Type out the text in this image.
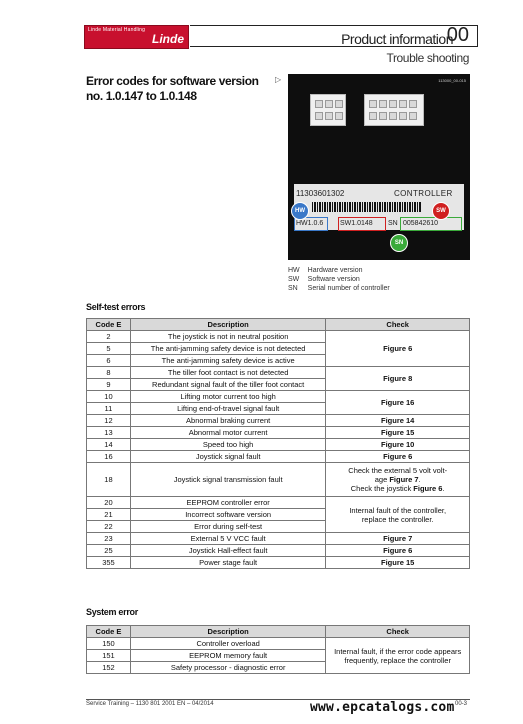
Linde Material Handling
Linde	Product information
00
Trouble shooting
Error codes for software version
no. 1.0.147 to 1.0.148
▷	113000_00-015
11303601302	CONTROLLER
HW1.0.6 SW1.0148 SN 005842610
HW	SW
SN
HW	Hardware version
SW	Software version
SN	Serial number of controller
Self-test errors
Code E	Description	Check
2	The joystick is not in neutral position	Figure 6
5	The anti-jamming safety device is not detected	
6	The anti-jamming safety device is active	
8	The tiller foot contact is not detected	Figure 8
9	Redundant signal fault of the tiller foot contact	
10	Lifting motor current too high	Figure 16
11	Lifting end-of-travel signal fault	
12	Abnormal braking current	Figure 14
13	Abnormal motor current	Figure 15
14	Speed too high	Figure 10
16	Joystick signal fault	Figure 6
18	Joystick signal transmission fault	Check the external 5 volt volt-
age Figure 7.
Check the joystick Figure 6.

20	EEPROM controller error	Internal fault of the controller,
replace the controller.

21	Incorrect software version	
22	Error during self-test	
23	External 5 V VCC fault	Figure 7
25	Joystick Hall-effect fault	Figure 6
355	Power stage fault	Figure 15
System error
Code E	Description	Check
150	Controller overload	Internal fault, if the error code appears
frequently, replace the controller

151	EEPROM memory fault	
152	Safety processor - diagnostic error	
Service Training – 1130 801 2001 EN – 04/2014	00-3
www.epcatalogs.com
